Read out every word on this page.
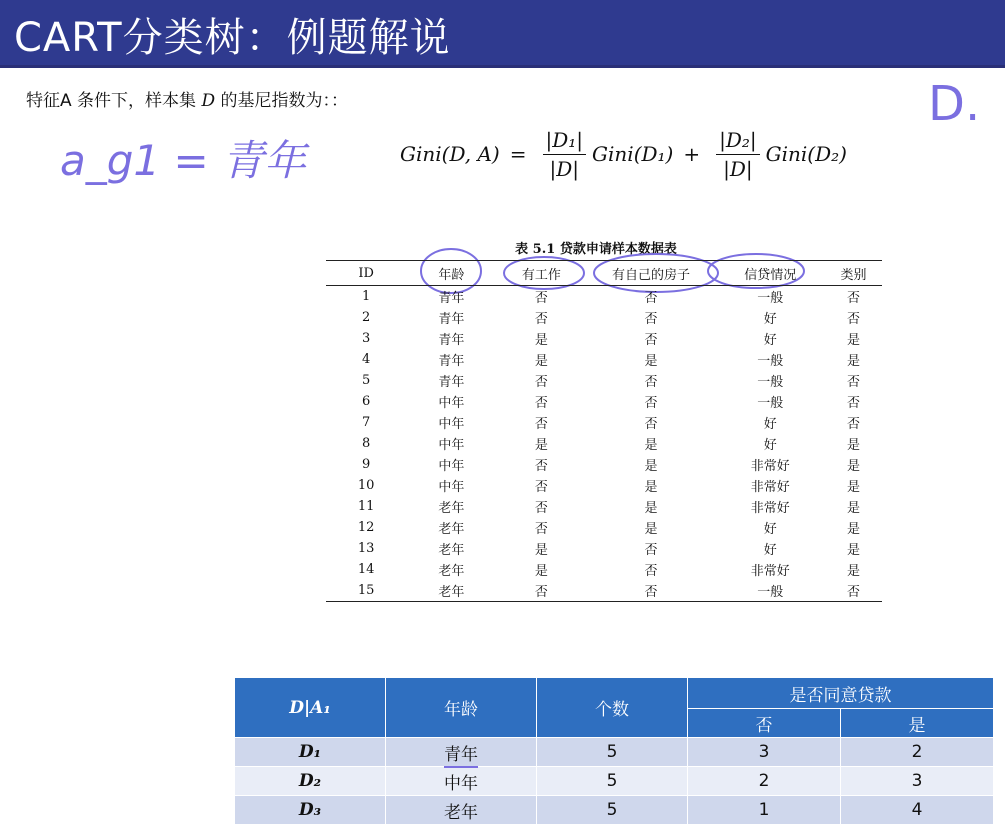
CART分类树：例题解说
特征A 条件下，样本集 D 的基尼指数为：：
Gini(D, $A) = \frac{\text{|D₁|}}{|D|}$ Gini(D₁) + $\frac{\text{|D₂|}}{|D|}$ Gini(D₂)
a_g1 = 青年
D.
表 5.1 贷款申请样本数据表
ID	年龄	有工作	有自己的房子	信贷情况	类别
1	青年	否	否	一般	否
2	青年	否	否	好	否
3	青年	是	否	好	是
4	青年	是	是	一般	是
5	青年	否	否	一般	否
6	中年	否	否	一般	否
7	中年	否	否	好	否
8	中年	是	是	好	是
9	中年	否	是	非常好	是
10	中年	否	是	非常好	是
11	老年	否	是	非常好	是
12	老年	否	是	好	是
13	老年	是	否	好	是
14	老年	是	否	非常好	是
15	老年	否	否	一般	否
D|A₁	年龄	个数	是否同意贷款	
			否	是
D₁	青年	5	3	2
D₂	中年	5	2	3
D₃	老年	5	1	4
